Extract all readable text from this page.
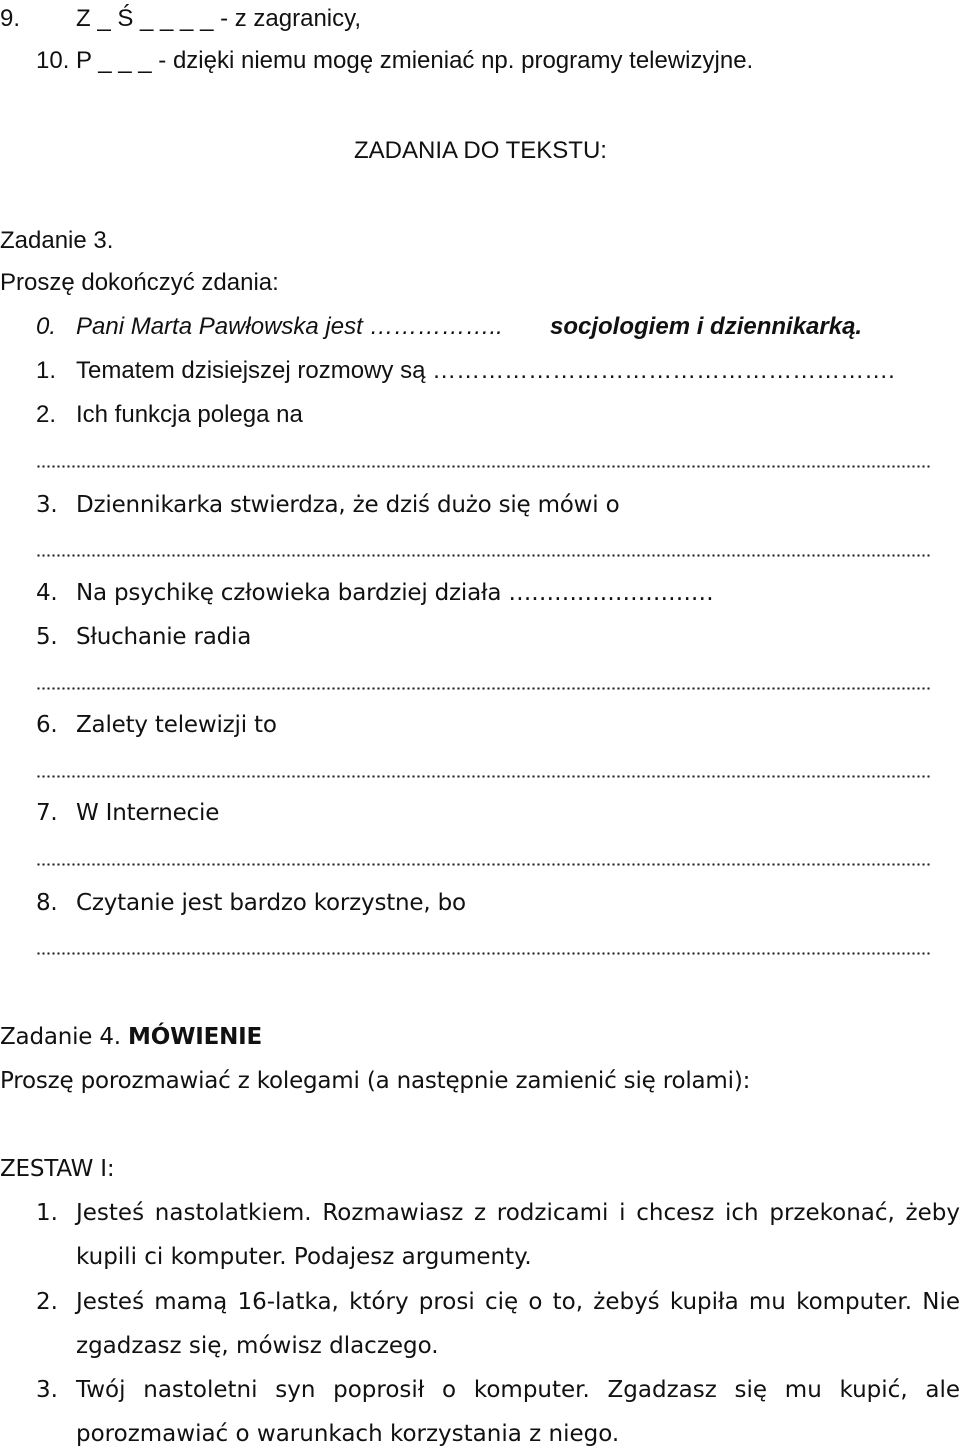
9. Z _ Ś _ _ _ _ - z zagranicy,
10. P _ _ _ - dzięki niemu mogę zmieniać np. programy telewizyjne.
ZADANIA DO TEKSTU:
Zadanie 3.
Proszę dokończyć zdania:
0. Pani Marta Pawłowska jest …………….. socjologiem i dziennikarką.
1. Tematem dzisiejszej rozmowy są ………………………………………………….
2. Ich funkcja polega na
3. Dziennikarka stwierdza, że dziś dużo się mówi o
4. Na psychikę człowieka bardziej działa ………………………
5. Słuchanie radia
6. Zalety telewizji to
7. W Internecie
8. Czytanie jest bardzo korzystne, bo
Zadanie 4. MÓWIENIE
Proszę porozmawiać z kolegami (a następnie zamienić się rolami):
ZESTAW I:
1. Jesteś nastolatkiem. Rozmawiasz z rodzicami i chcesz ich przekonać, żeby
kupili ci komputer. Podajesz argumenty.
2. Jesteś mamą 16-latka, który prosi cię o to, żebyś kupiła mu komputer. Nie
zgadzasz się, mówisz dlaczego.
3. Twój nastoletni syn poprosił o komputer. Zgadzasz się mu kupić, ale
porozmawiać o warunkach korzystania z niego.
